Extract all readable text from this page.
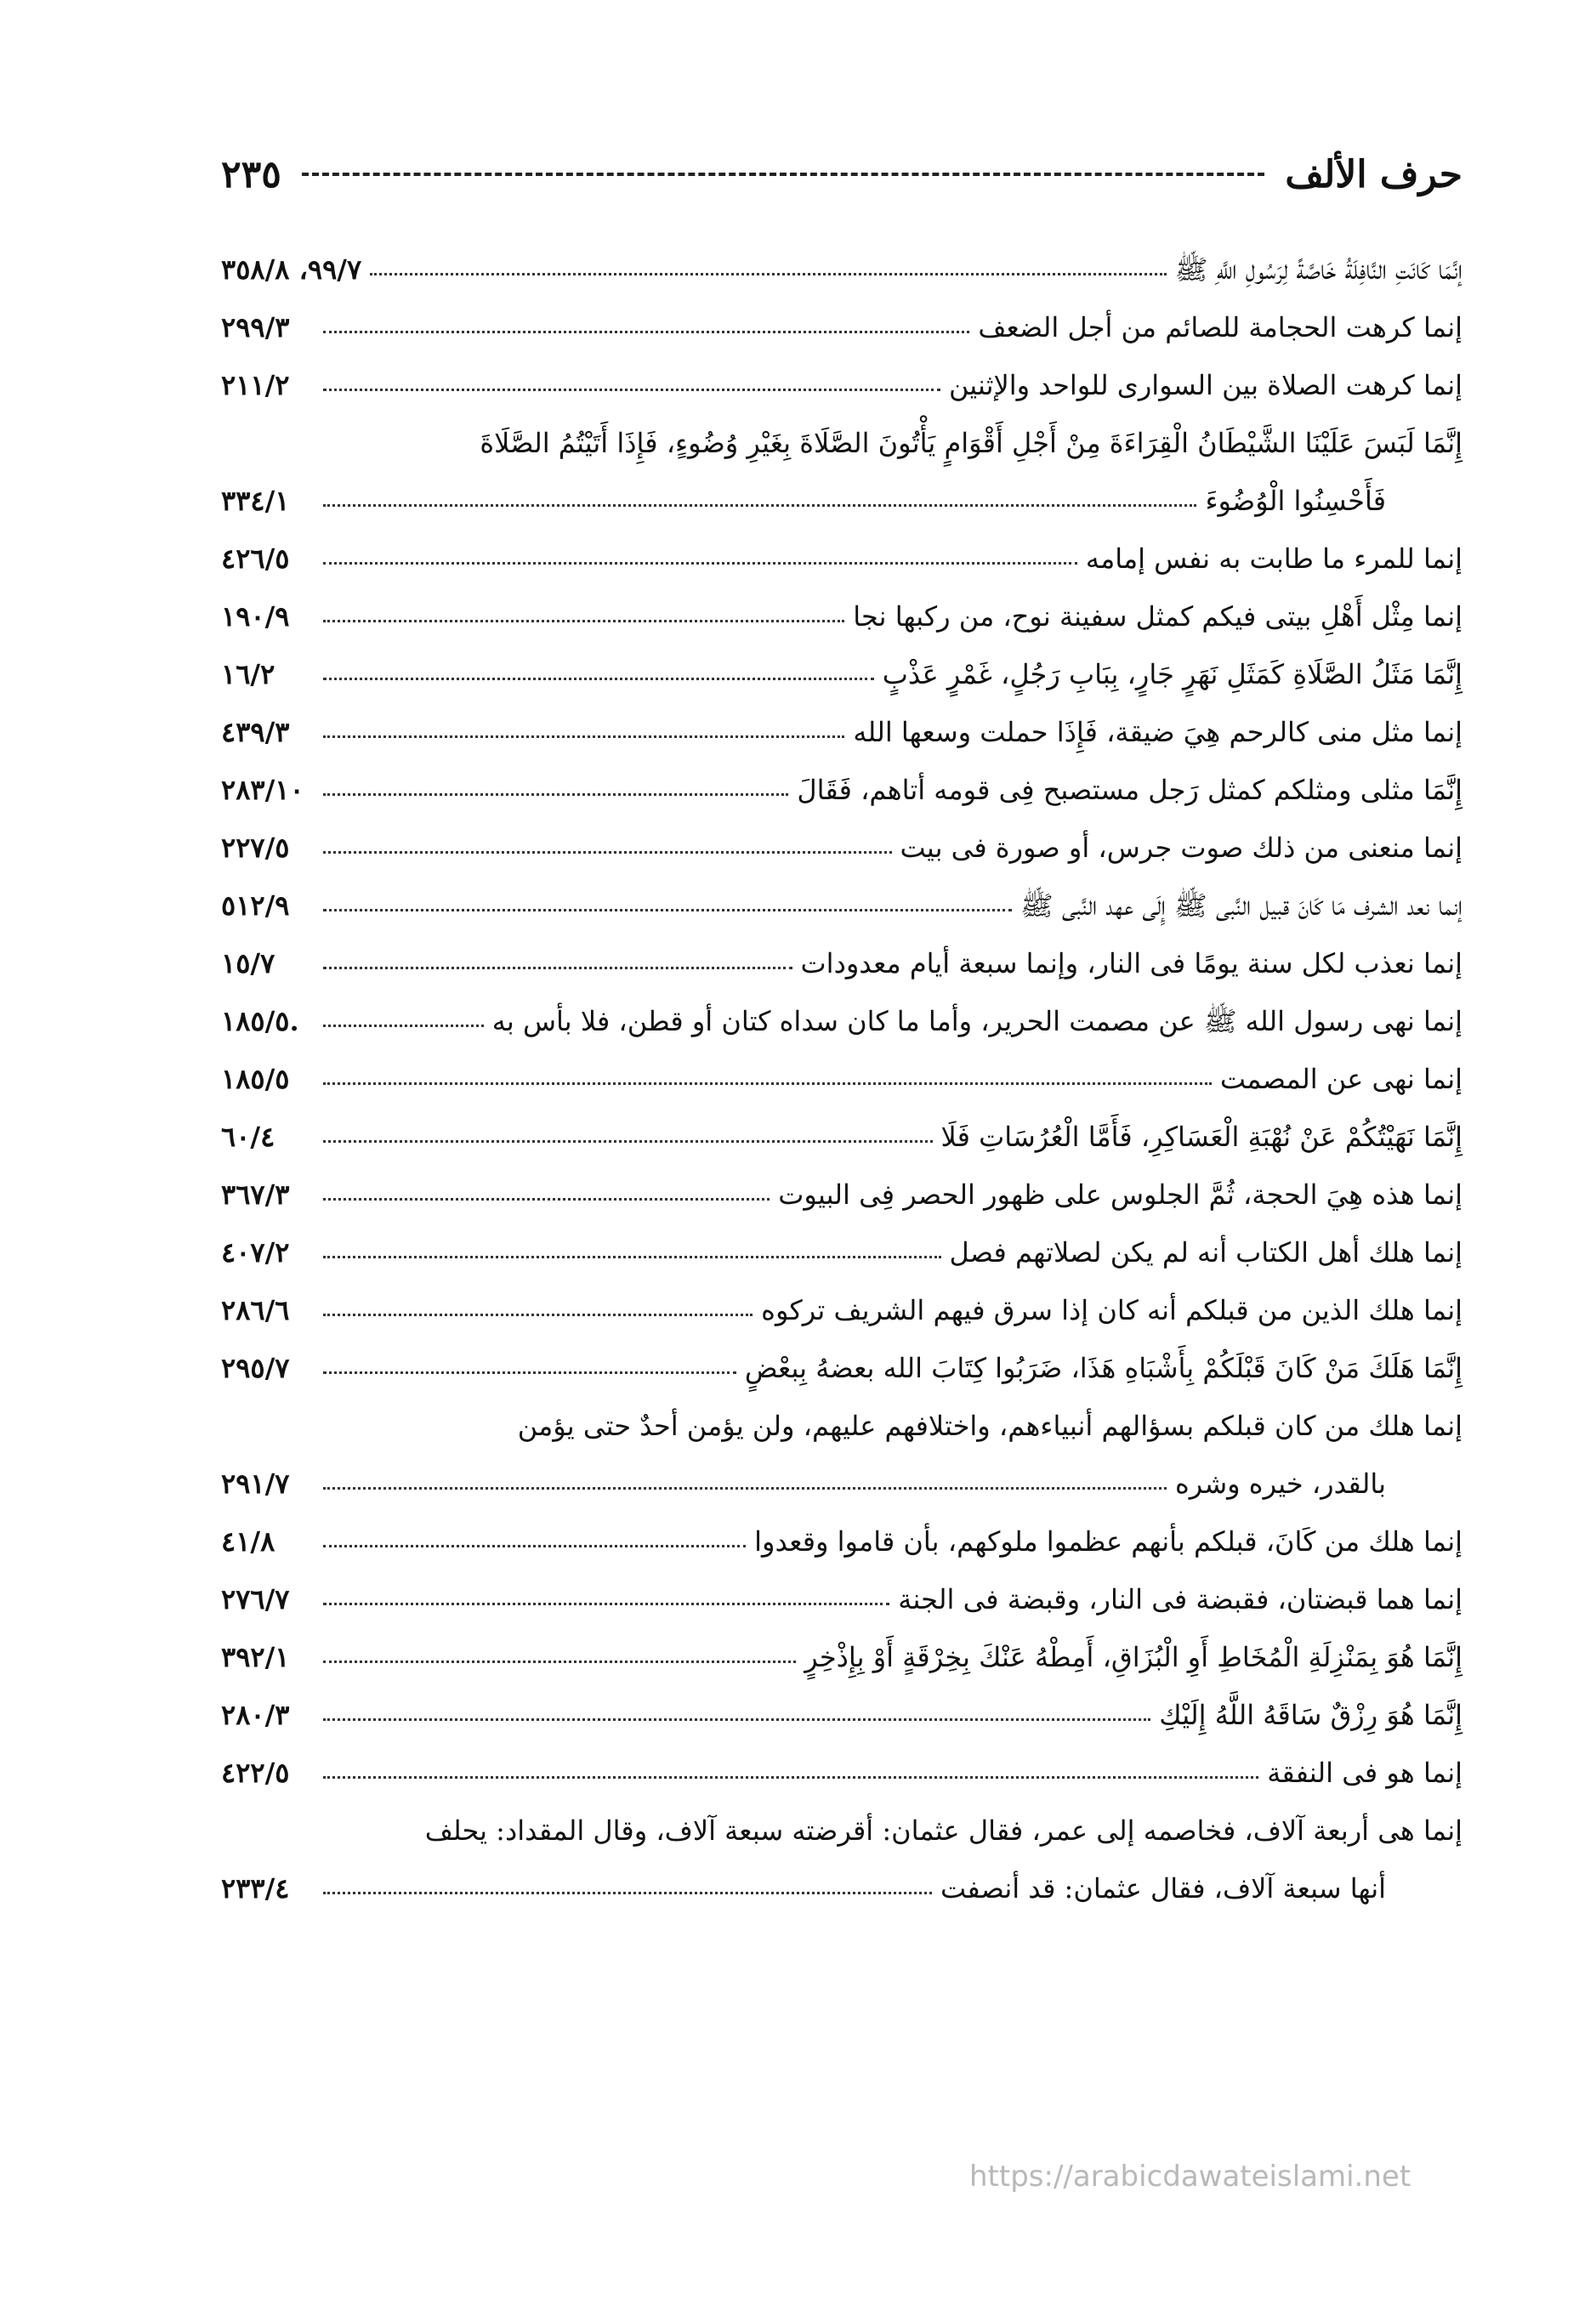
حرف الألف
٢٣٥
إنَّمَا كَانَتِ النَّافِلَةُ خَاصَّةً لِرَسُولِ اللَّهِ ﷺ
٩٩/٧، ٣٥٨/٨
إنما كرهت الحجامة للصائم من أجل الضعف
٢٩٩/٣
إنما كرهت الصلاة بين السوارى للواحد والإثنين
٢١١/٢
إِنَّمَا لَبَسَ عَلَيْنَا الشَّيْطَانُ الْقِرَاءَةَ مِنْ أَجْلِ أَقْوَامٍ يَأْتُونَ الصَّلَاةَ بِغَيْرِ وُضُوءٍ، فَإِذَا أَتَيْتُمُ الصَّلَاةَ
فَأَحْسِنُوا الْوُضُوءَ
٣٣٤/١
إنما للمرء ما طابت به نفس إمامه
٤٢٦/٥
إنما مِثْل أَهْلِ بيتى فيكم كمثل سفينة نوح، من ركبها نجا
١٩٠/٩
إِنَّمَا مَثَلُ الصَّلَاةِ كَمَثَلِ نَهَرٍ جَارٍ، بِبَابِ رَجُلٍ، غَمْرٍ عَذْبٍ
١٦/٢
إنما مثل منى كالرحم هِيَ ضيقة، فَإِذَا حملت وسعها الله
٤٣٩/٣
إِنَّمَا مثلى ومثلكم كمثل رَجل مستصبح فِى قومه أتاهم، فَقَالَ
٢٨٣/١٠
إنما منعنى من ذلك صوت جرس، أو صورة فى بيت
٢٢٧/٥
إنما نعد الشرف مَا كَانَ قبيل النَّبى ﷺ إِلَى عهد النَّبى ﷺ
٥١٢/٩
إنما نعذب لكل سنة يومًا فى النار، وإنما سبعة أيام معدودات
١٥/٧
إنما نهى رسول الله ﷺ عن مصمت الحرير، وأما ما كان سداه كتان أو قطن، فلا بأس به
١٨٥/٥.
إنما نهى عن المصمت
١٨٥/٥
إِنَّمَا نَهَيْتُكُمْ عَنْ نُهْبَةِ الْعَسَاكِرِ، فَأَمَّا الْعُرُسَاتِ فَلَا
٦٠/٤
إنما هذه هِيَ الحجة، ثُمَّ الجلوس على ظهور الحصر فِى البيوت
٣٦٧/٣
إنما هلك أهل الكتاب أنه لم يكن لصلاتهم فصل
٤٠٧/٢
إنما هلك الذين من قبلكم أنه كان إذا سرق فيهم الشريف تركوه
٢٨٦/٦
إِنَّمَا هَلَكَ مَنْ كَانَ قَبْلَكُمْ بِأَشْبَاهِ هَذَا، ضَرَبُوا كِتَابَ الله بعضهُ بِبعْضٍ
٢٩٥/٧
إنما هلك من كان قبلكم بسؤالهم أنبياءهم، واختلافهم عليهم، ولن يؤمن أحدٌ حتى يؤمن
بالقدر، خيره وشره
٢٩١/٧
إنما هلك من كَانَ، قبلكم بأنهم عظموا ملوكهم، بأن قاموا وقعدوا
٤١/٨
إنما هما قبضتان، فقبضة فى النار، وقبضة فى الجنة
٢٧٦/٧
إِنَّمَا هُوَ بِمَنْزِلَةِ الْمُخَاطِ أَوِ الْبُزَاقِ، أَمِطْهُ عَنْكَ بِخِرْقَةٍ أَوْ بِإِذْخِرٍ
٣٩٢/١
إِنَّمَا هُوَ رِزْقٌ سَاقَهُ اللَّهُ إِلَيْكِ
٢٨٠/٣
إنما هو فى النفقة
٤٢٢/٥
إنما هى أربعة آلاف، فخاصمه إلى عمر، فقال عثمان: أقرضته سبعة آلاف، وقال المقداد: يحلف
أنها سبعة آلاف، فقال عثمان: قد أنصفت
٢٣٣/٤
https://arabicdawateislami.net
